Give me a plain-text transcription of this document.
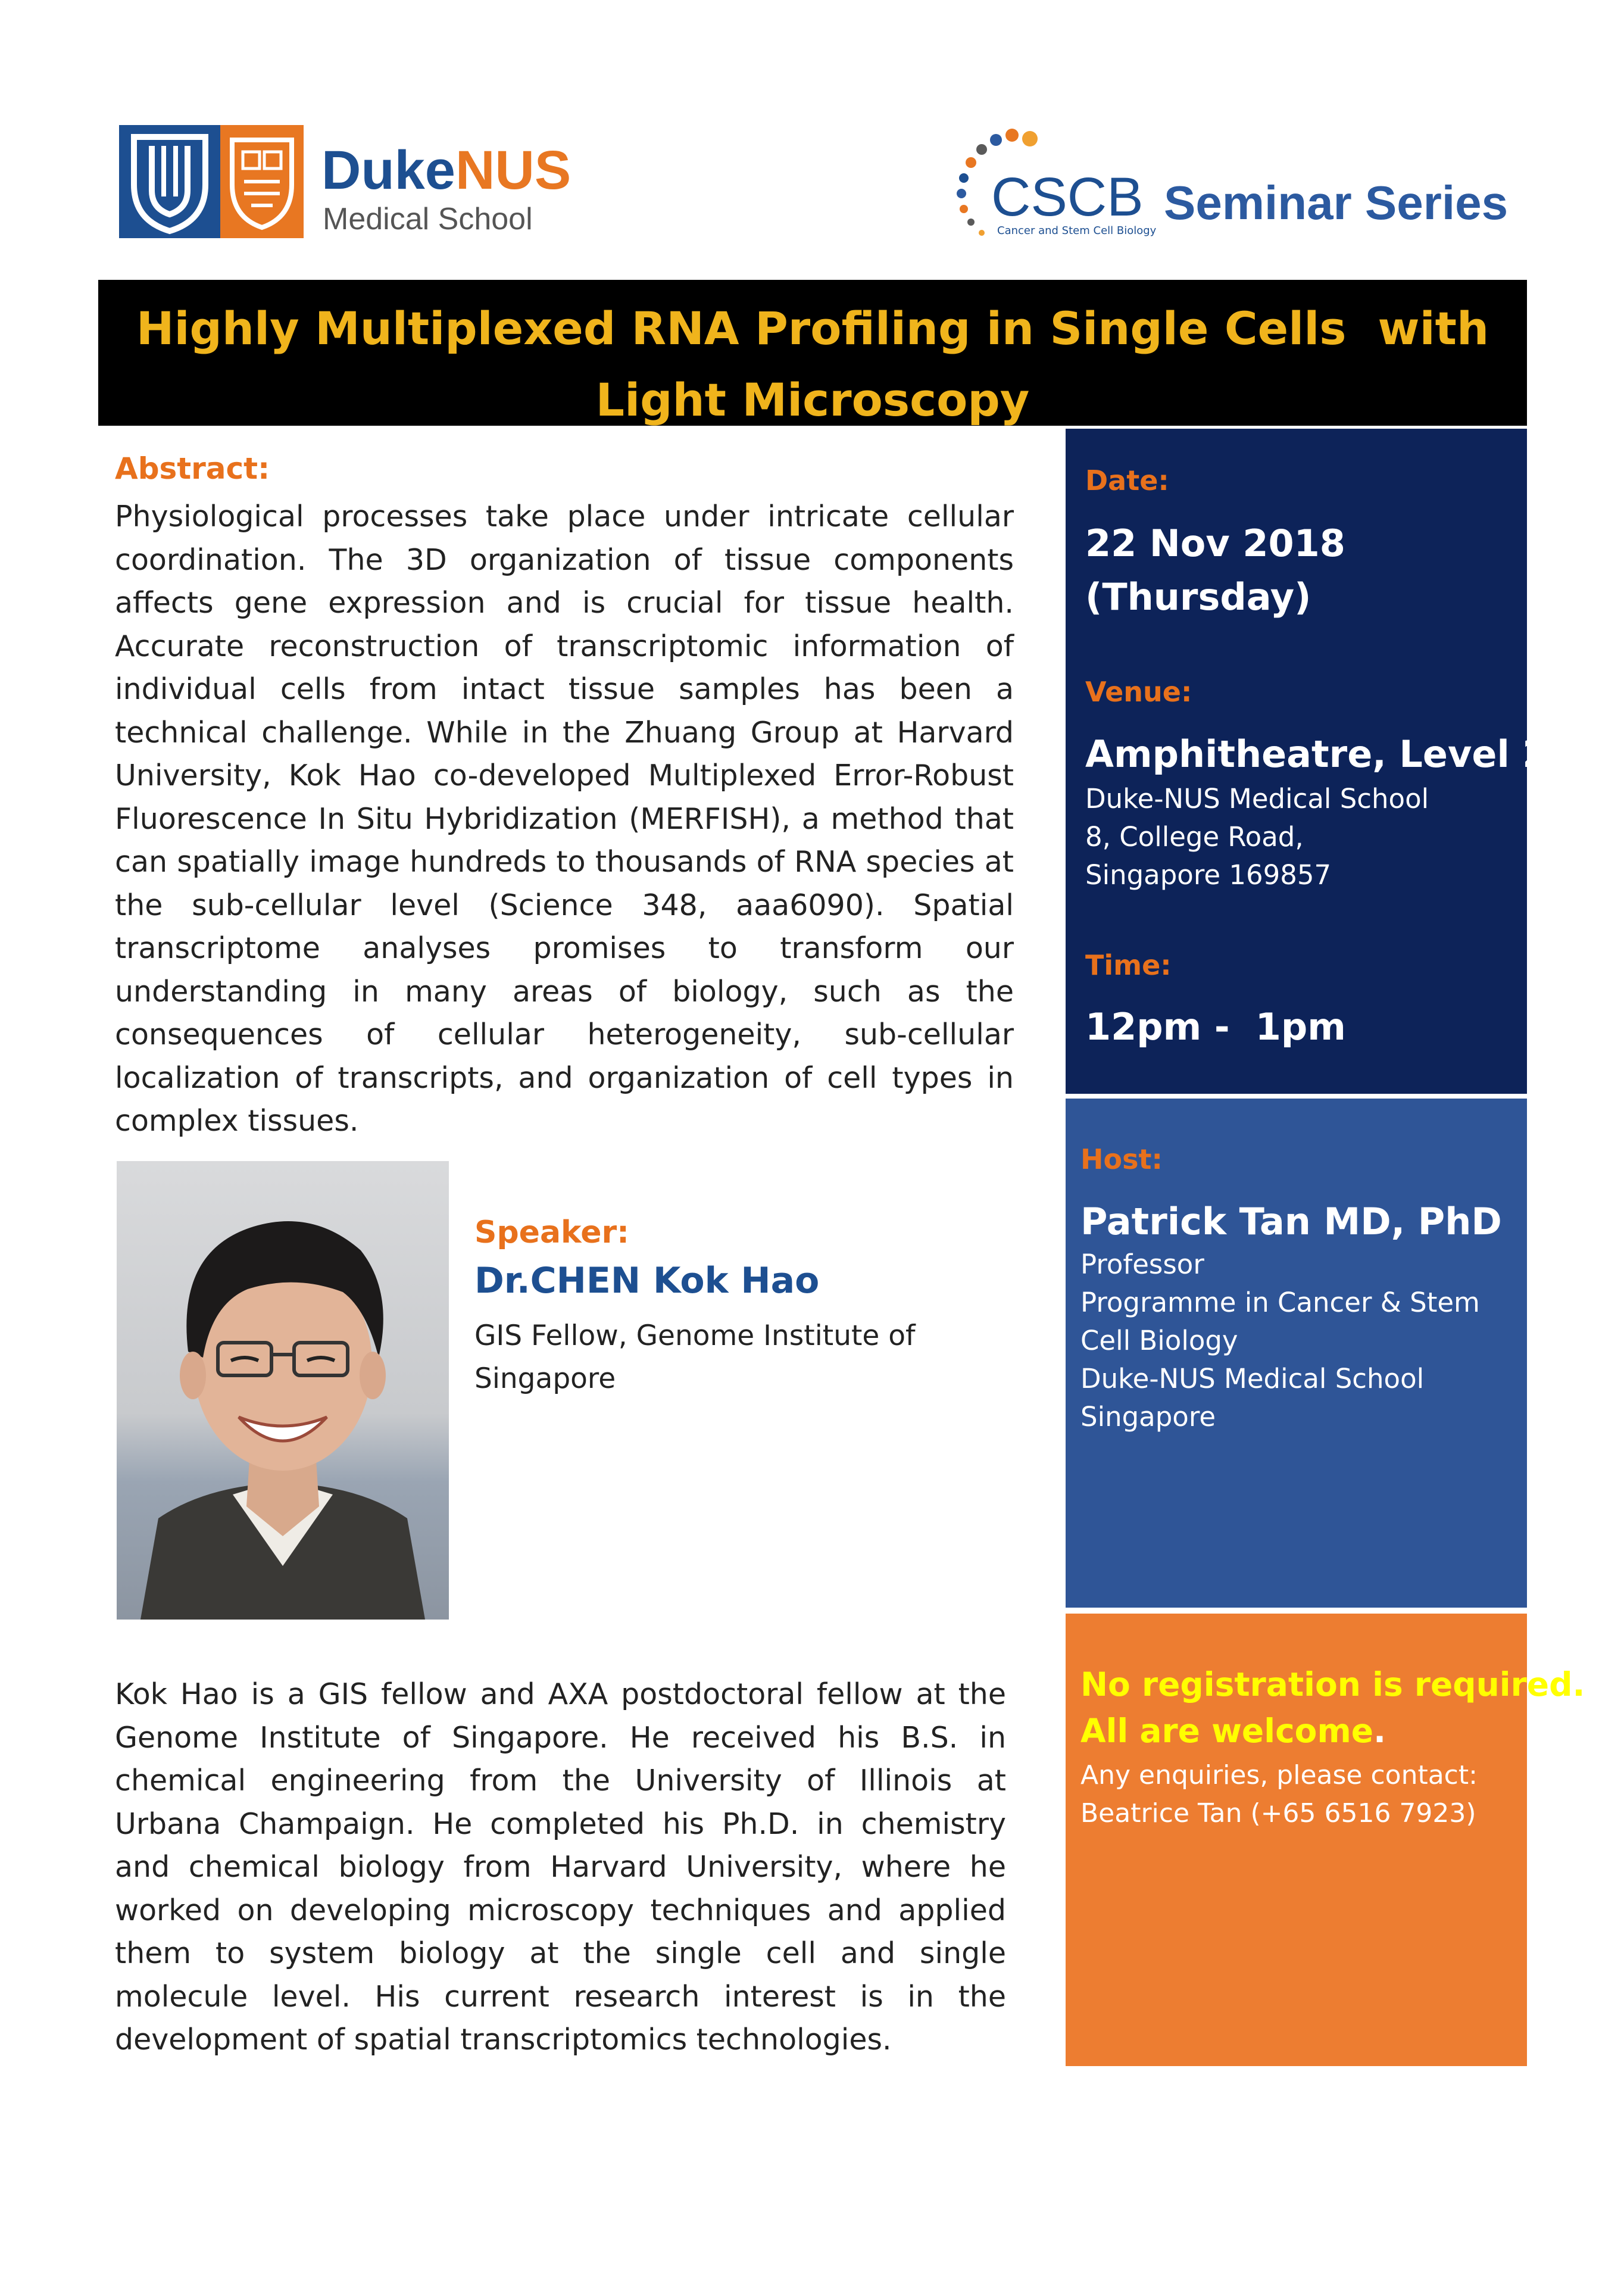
DukeNUS
Medical School	CSCB
Cancer and Stem Cell Biology
Seminar Series
Highly Multiplexed RNA Profiling in Single Cells  with
Light Microscopy
Abstract:
Physiological processes take place under intricate cellular coordination. The 3D organization of tissue components affects gene expression and is crucial for tissue health. Accurate reconstruction of transcriptomic information of individual cells from intact tissue samples has been a technical challenge. While in the Zhuang Group at Harvard University, Kok Hao co-developed Multiplexed Error-Robust Fluorescence In Situ Hybridization (MERFISH), a method that can spatially image hundreds to thousands of RNA species at the sub-cellular level (Science 348, aaa6090). Spatial transcriptome analyses promises to transform our understanding in many areas of biology, such as the consequences of cellular heterogeneity, sub-cellular localization of transcripts, and organization of cell types in complex tissues.
Speaker:
Dr.CHEN Kok Hao
GIS Fellow, Genome Institute of Singapore
Kok Hao is a GIS fellow and AXA postdoctoral fellow at the Genome Institute of Singapore. He received his B.S. in chemical engineering from the University of Illinois at Urbana Champaign. He completed his Ph.D. in chemistry and chemical biology from Harvard University, where he worked on developing microscopy techniques and applied them to system biology at the single cell and single molecule level. His current research interest is in the development of spatial transcriptomics technologies.
Date:
22 Nov 2018
(Thursday)
Venue:
Amphitheatre, Level 2
Duke-NUS Medical School
8, College Road,
Singapore 169857
Time:
12pm -  1pm
Host:
Patrick Tan MD, PhD
Professor
Programme in Cancer & Stem Cell Biology
Duke-NUS Medical School
Singapore
No registration is required.
All are welcome.
Any enquiries, please contact:
Beatrice Tan (+65 6516 7923)
